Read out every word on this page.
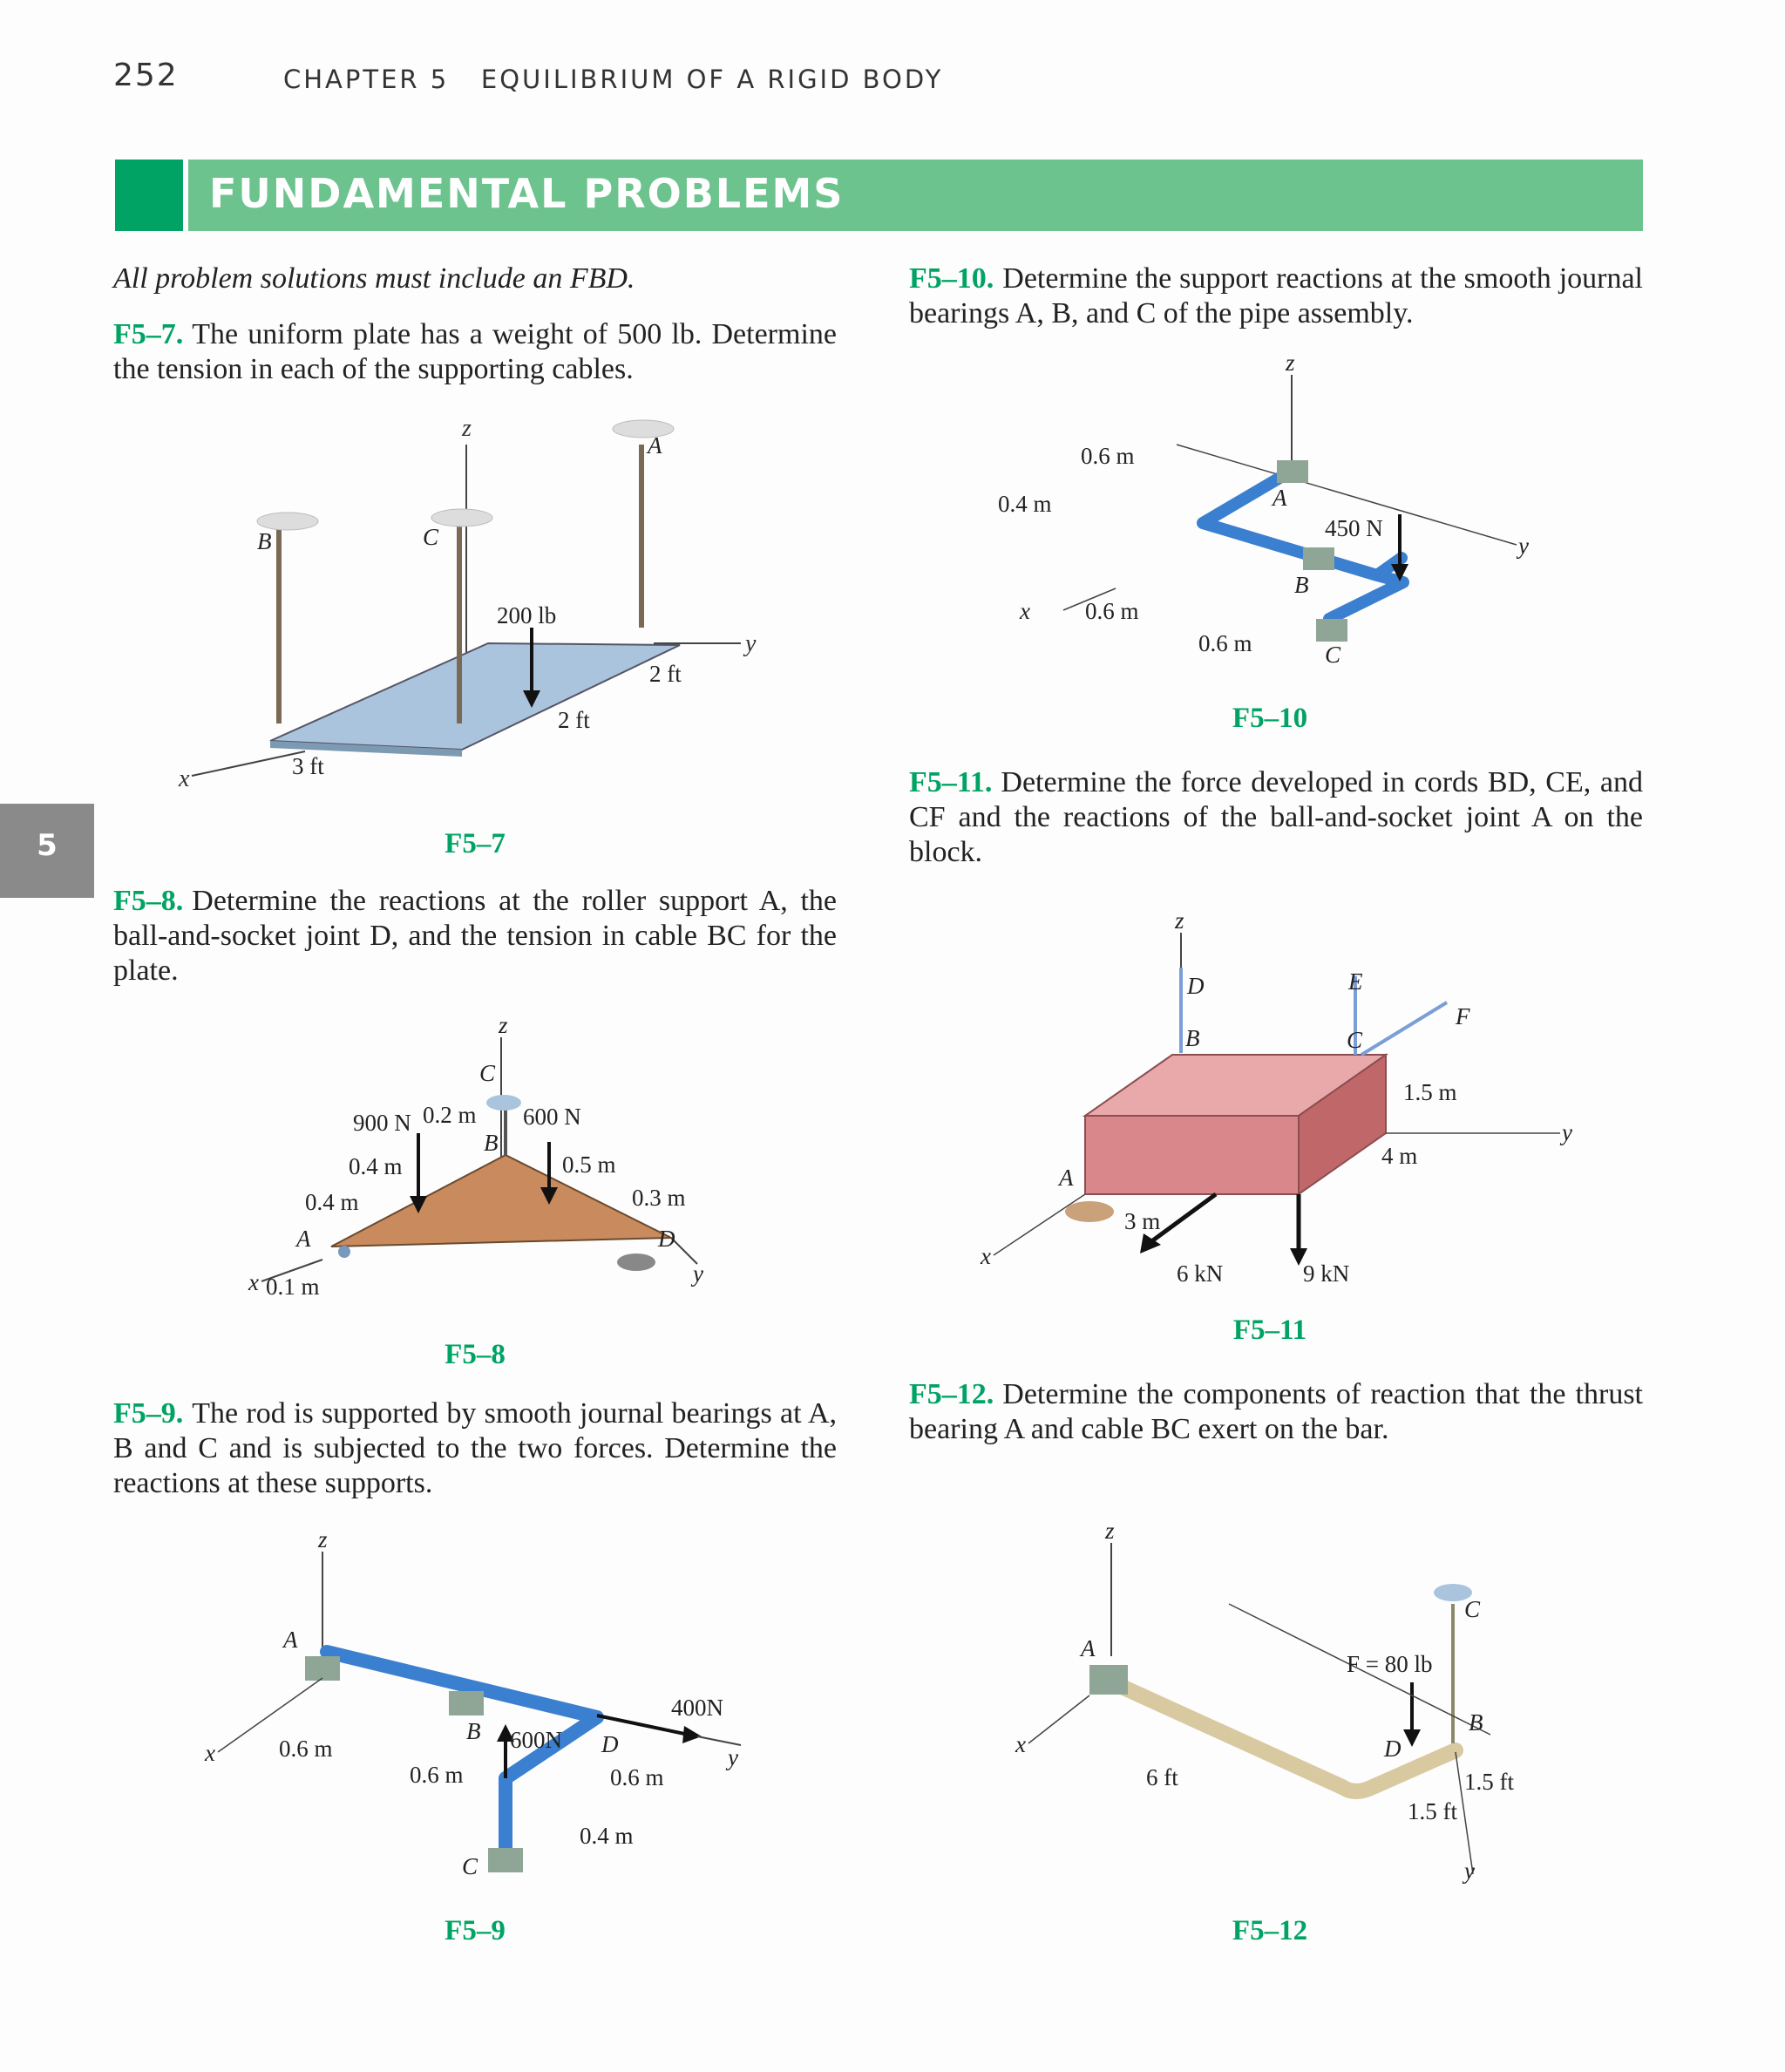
252	CHAPTER 5   EQUILIBRIUM OF A RIGID BODY
FUNDAMENTAL PROBLEMS
5
All problem solutions must include an FBD.
F5–7. The uniform plate has a weight of 500 lb. Determine the tension in each of the supporting cables.
F5–8. Determine the reactions at the roller support A, the ball-and-socket joint D, and the tension in cable BC for the plate.
F5–9. The rod is supported by smooth journal bearings at A, B and C and is subjected to the two forces. Determine the reactions at these supports.
F5–10. Determine the support reactions at the smooth journal bearings A, B, and C of the pipe assembly.
F5–11. Determine the force developed in cords BD, CE, and CF and the reactions of the ball-and-socket joint A on the block.
F5–12. Determine the components of reaction that the thrust bearing A and cable BC exert on the bar.
F5–7
F5–8
F5–9
F5–10
F5–11
F5–12
z
x
y
B	C
A
200 lb
2 ft
2 ft
3 ft
z
x	y
C
B
A	D
900 N	600 N
0.2 m
0.4 m
0.4 m
0.5 m
0.3 m
0.1 m
z
x	y
A
B
C
D
600N
400N
0.6 m
0.6 m	0.6 m
0.4 m
z
x
y
A
B
C
450 N
0.6 m
0.4 m
0.6 m
0.6 m
z
x
y
A
B	C
D	E
F
6 kN	9 kN
1.5 m
4 m
3 m
z
x
y
A
B
C
D
F = 80 lb
6 ft	1.5 ft
1.5 ft
